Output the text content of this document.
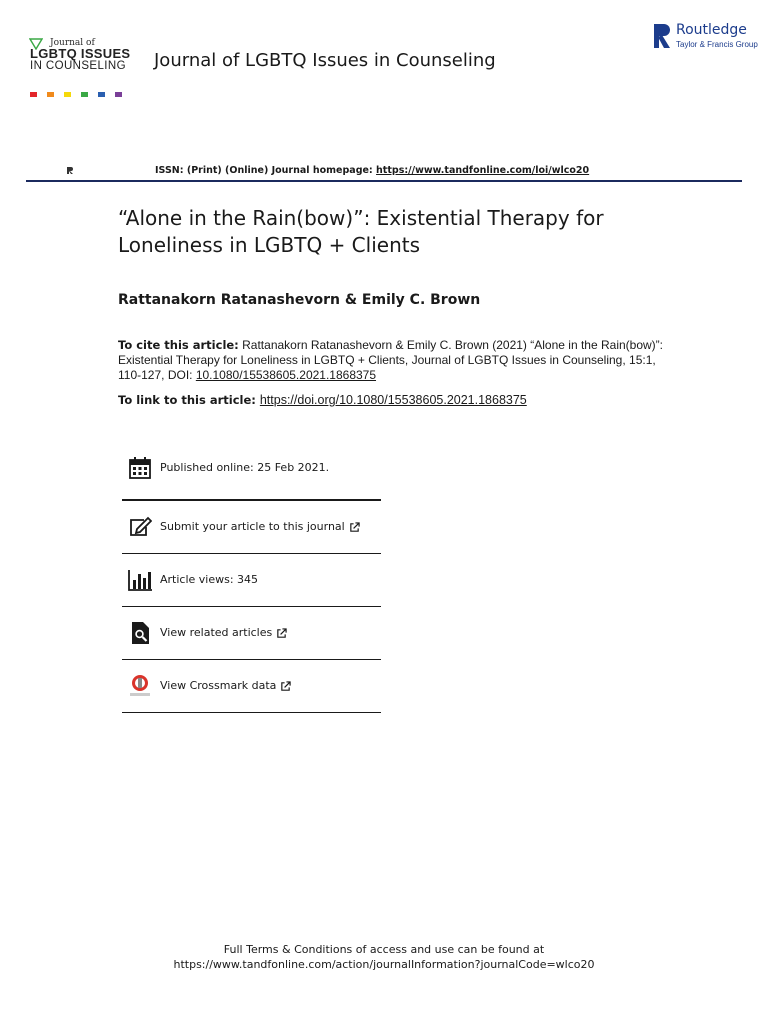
Journal of
LGBTQ ISSUES
IN COUNSELING	Journal of LGBTQ Issues in Counseling
Routledge
Taylor & Francis Group
ISSN: (Print) (Online) Journal homepage: https://www.tandfonline.com/loi/wlco20
“Alone in the Rain(bow)”: Existential Therapy for Loneliness in LGBTQ + Clients
Rattanakorn Ratanashevorn & Emily C. Brown
To cite this article: Rattanakorn Ratanashevorn & Emily C. Brown (2021) “Alone in the Rain(bow)”: Existential Therapy for Loneliness in LGBTQ + Clients, Journal of LGBTQ Issues in Counseling, 15:1, 110-127, DOI: 10.1080/15538605.2021.1868375
To link to this article: https://doi.org/10.1080/15538605.2021.1868375
Published online: 25 Feb 2021.
Submit your article to this journal
Article views: 345
View related articles
View Crossmark data
Full Terms & Conditions of access and use can be found at
https://www.tandfonline.com/action/journalInformation?journalCode=wlco20
